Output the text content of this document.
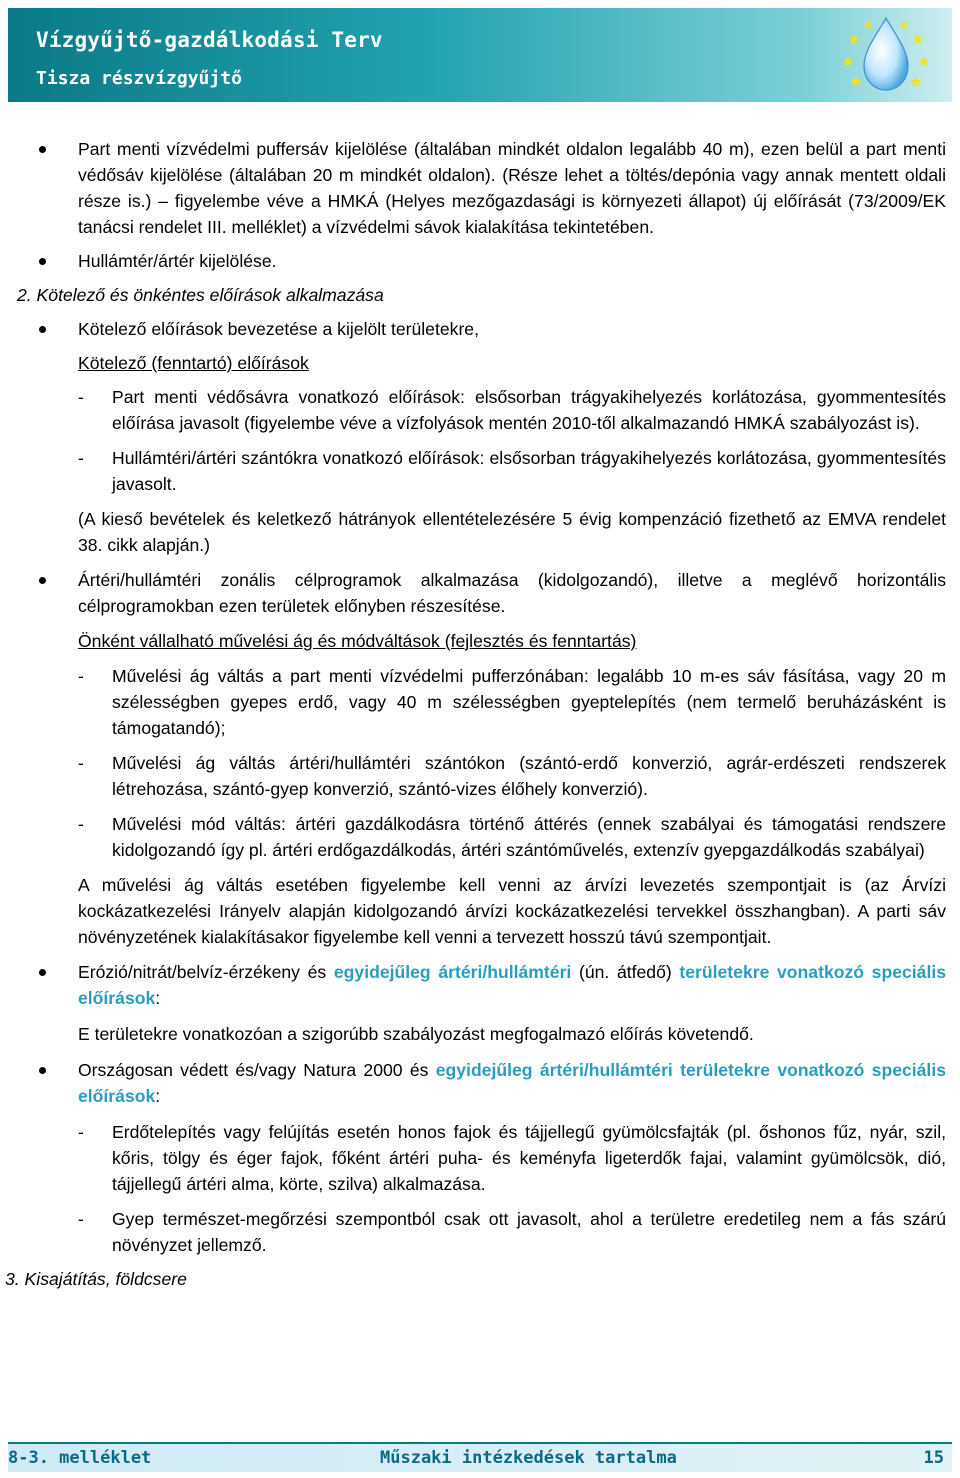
Vízgyűjtő-gazdálkodási Terv
Tisza részvízgyűjtő
Part menti vízvédelmi puffersáv kijelölése (általában mindkét oldalon legalább 40 m), ezen belül a part menti védősáv kijelölése (általában 20 m mindkét oldalon). (Része lehet a töltés/depónia vagy annak mentett oldali része is.) – figyelembe véve a HMKÁ (Helyes mezőgazdasági is környezeti állapot) új előírását (73/2009/EK tanácsi rendelet III. melléklet) a vízvédelmi sávok kialakítása tekintetében.
Hullámtér/ártér kijelölése.
2. Kötelező és önkéntes előírások alkalmazása
Kötelező előírások bevezetése a kijelölt területekre,
Kötelező (fenntartó) előírások
- Part menti védősávra vonatkozó előírások: elsősorban trágyakihelyezés korlátozása, gyommentesítés előírása javasolt (figyelembe véve a vízfolyások mentén 2010-től alkalmazandó HMKÁ szabályozást is).
- Hullámtéri/ártéri szántókra vonatkozó előírások: elsősorban trágyakihelyezés korlátozása, gyommentesítés javasolt.
(A kieső bevételek és keletkező hátrányok ellentételezésére 5 évig kompenzáció fizethető az EMVA rendelet 38. cikk alapján.)
Ártéri/hullámtéri zonális célprogramok alkalmazása (kidolgozandó), illetve a meglévő horizontális célprogramokban ezen területek előnyben részesítése.
Önként vállalható művelési ág és módváltások (fejlesztés és fenntartás)
- Művelési ág váltás a part menti vízvédelmi pufferzónában: legalább 10 m-es sáv fásítása, vagy 20 m szélességben gyepes erdő, vagy 40 m szélességben gyeptelepítés (nem termelő beruházásként is támogatandó);
- Művelési ág váltás ártéri/hullámtéri szántókon (szántó-erdő konverzió, agrár-erdészeti rendszerek létrehozása, szántó-gyep konverzió, szántó-vizes élőhely konverzió).
- Művelési mód váltás: ártéri gazdálkodásra történő áttérés (ennek szabályai és támogatási rendszere kidolgozandó így pl. ártéri erdőgazdálkodás, ártéri szántóművelés, extenzív gyepgazdálkodás szabályai)
A művelési ág váltás esetében figyelembe kell venni az árvízi levezetés szempontjait is (az Árvízi kockázatkezelési Irányelv alapján kidolgozandó árvízi kockázatkezelési tervekkel összhangban). A parti sáv növényzetének kialakításakor figyelembe kell venni a tervezett hosszú távú szempontjait.
Erózió/nitrát/belvíz-érzékeny és egyidejűleg ártéri/hullámtéri (ún. átfedő) területekre vonatkozó speciális előírások:
E területekre vonatkozóan a szigorúbb szabályozást megfogalmazó előírás követendő.
Országosan védett és/vagy Natura 2000 és egyidejűleg ártéri/hullámtéri területekre vonatkozó speciális előírások:
- Erdőtelepítés vagy felújítás esetén honos fajok és tájjellegű gyümölcsfajták (pl. őshonos fűz, nyár, szil, kőris, tölgy és éger fajok, főként ártéri puha- és keményfa ligeterdők fajai, valamint gyümölcsök, dió, tájjellegű ártéri alma, körte, szilva) alkalmazása.
- Gyep természet-megőrzési szempontból csak ott javasolt, ahol a területre eredetileg nem a fás szárú növényzet jellemző.
3. Kisajátítás, földcsere
8-3. melléklet	Műszaki intézkedések tartalma	15
